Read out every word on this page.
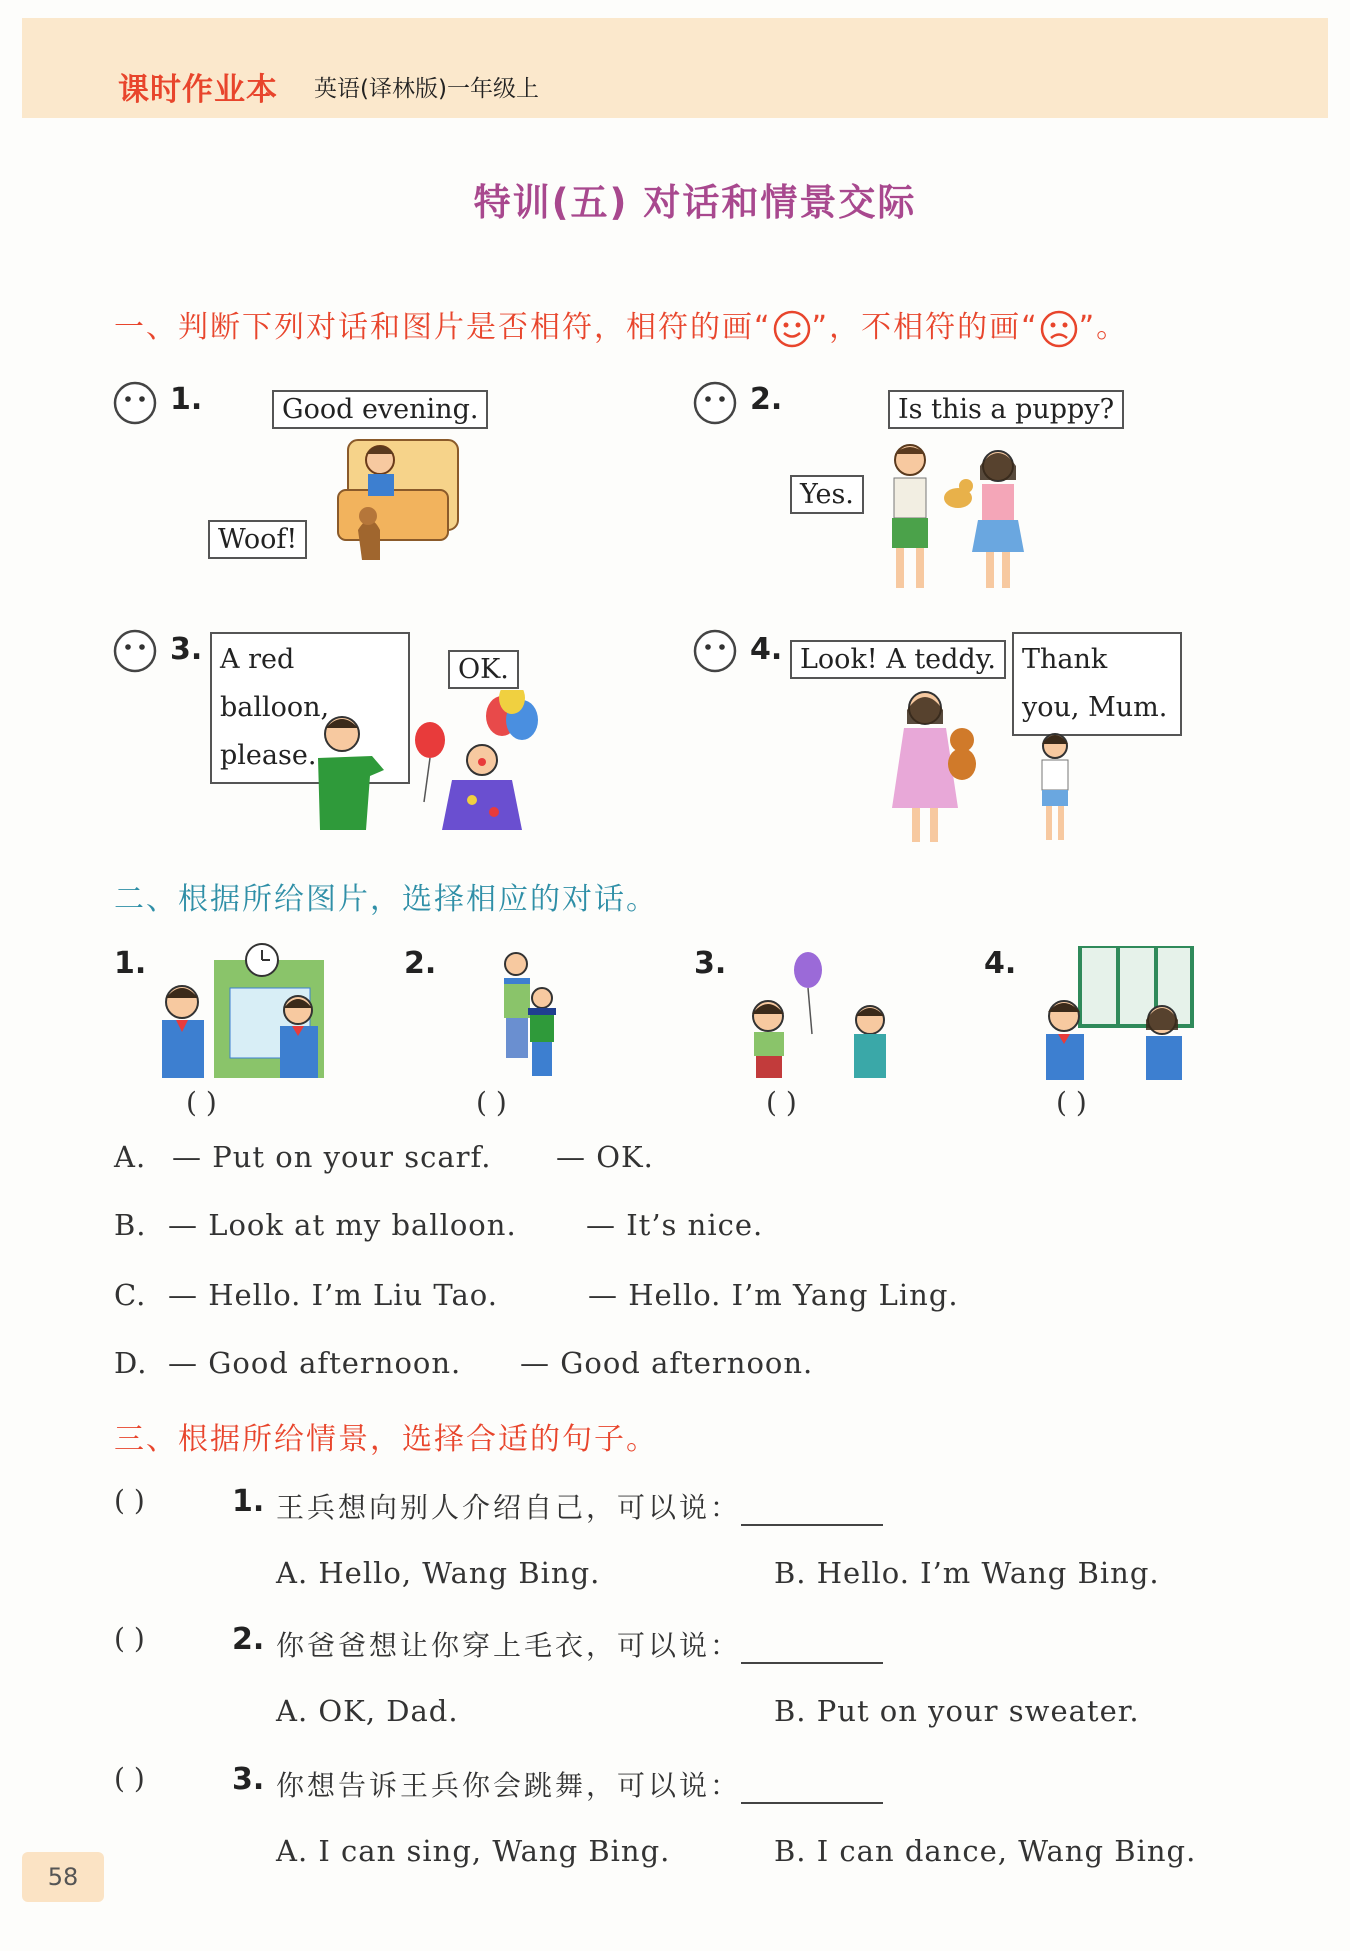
课时作业本 英语(译林版)一年级上
特训(五) 对话和情景交际
一、判断下列对话和图片是否相符，相符的画“ ”，不相符的画“ ”。
1.	Good evening.
Woof!
2.	Is this a puppy?
Yes.
3. A red balloon, please.
OK.
4. Look! A teddy. Thank you, Mum.
二、根据所给图片，选择相应的对话。
1.	2.	3.	4.
( )	( )	( )	( )
A. — Put on your scarf. — OK.
B. — Look at my balloon. — It’s nice.
C. — Hello. I’m Liu Tao.	— Hello. I’m Yang Ling.
D. — Good afternoon. — Good afternoon.
三、根据所给情景，选择合适的句子。
( )	1. 王兵想向别人介绍自己，可以说：
A. Hello, Wang Bing.	B. Hello. I’m Wang Bing.
( )	2. 你爸爸想让你穿上毛衣，可以说：
A. OK, Dad.	B. Put on your sweater.
( )	3. 你想告诉王兵你会跳舞，可以说：
A. I can sing, Wang Bing.	B. I can dance, Wang Bing.
58
